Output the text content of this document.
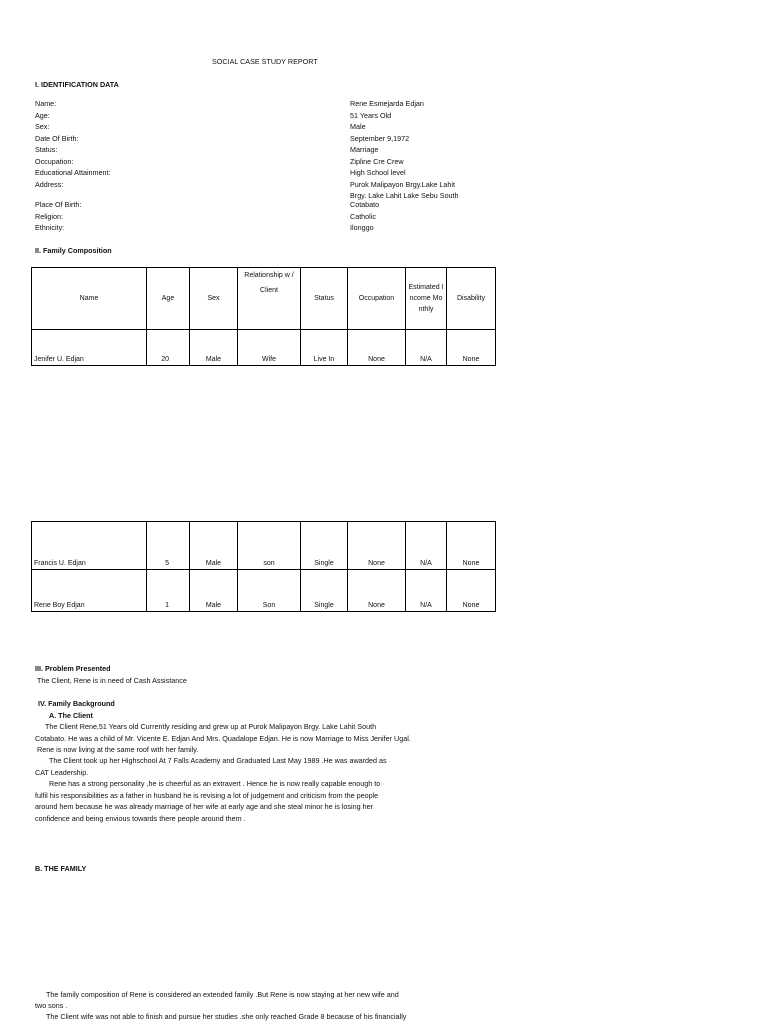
SOCIAL CASE STUDY REPORT
I. IDENTIFICATION DATA
Name:	Rene Esmejarda Edjan
Age:	51 Years Old
Sex:	Male
Date Of Birth:	September 9,1972
Status:	Marriage
Occupation:	Zipline Cre Crew
Educational Attainment:	High School level
Address:	Purok Malipayon Brgy.Lake Lahit
Brgy. Lake Lahit Lake Sebu South
Cotabato
Place Of Birth:
Religion:	Catholic
Ethnicity:	Ilonggo
II. Family Composition
Name	Age	Sex	Relationship w / Client	Status	Occupation	Estimated Income Monthly	Disability
Jenifer U. Edjan	20	Male	Wife	Live In	None	N/A	None
Francis U. Edjan	5	Male	son	Single	None	N/A	None
Rene Boy Edjan	1	Male	Son	Single	None	N/A	None
III. Problem Presented
The Client, Rene is in need of Cash Assistance
IV. Family Background
A. The Client
The Client Rene,51 Years old Currently residing and grew up at Purok Malipayon Brgy. Lake Lahit South
Cotabato. He was a child of Mr. Vicente E. Edjan And Mrs. Quadalope Edjan. He is now Marriage to Miss Jenifer Ugal.
Rene is now living at the same roof with her family.
The Client took up her Highschool At 7 Falls Academy and Graduated Last May 1989 .He was awarded as
CAT Leadership.
Rene has a strong personality ,he is cheerful as an extravert . Hence he is now really capable enough to
fulfil his responsibilities as a father in husband he is revising a lot of judgement and criticism from the people
around hem because he was already marriage of her wife at early age and she steal minor he is losing her
confidence and being envious towards there people around them .
B. THE FAMILY
The family composition of Rene is considered an extended family .But Rene is now staying at her new wife and
two sons .
The Client wife was not able to finish and pursue her studies .she only reached Grade 8 because of his financially
